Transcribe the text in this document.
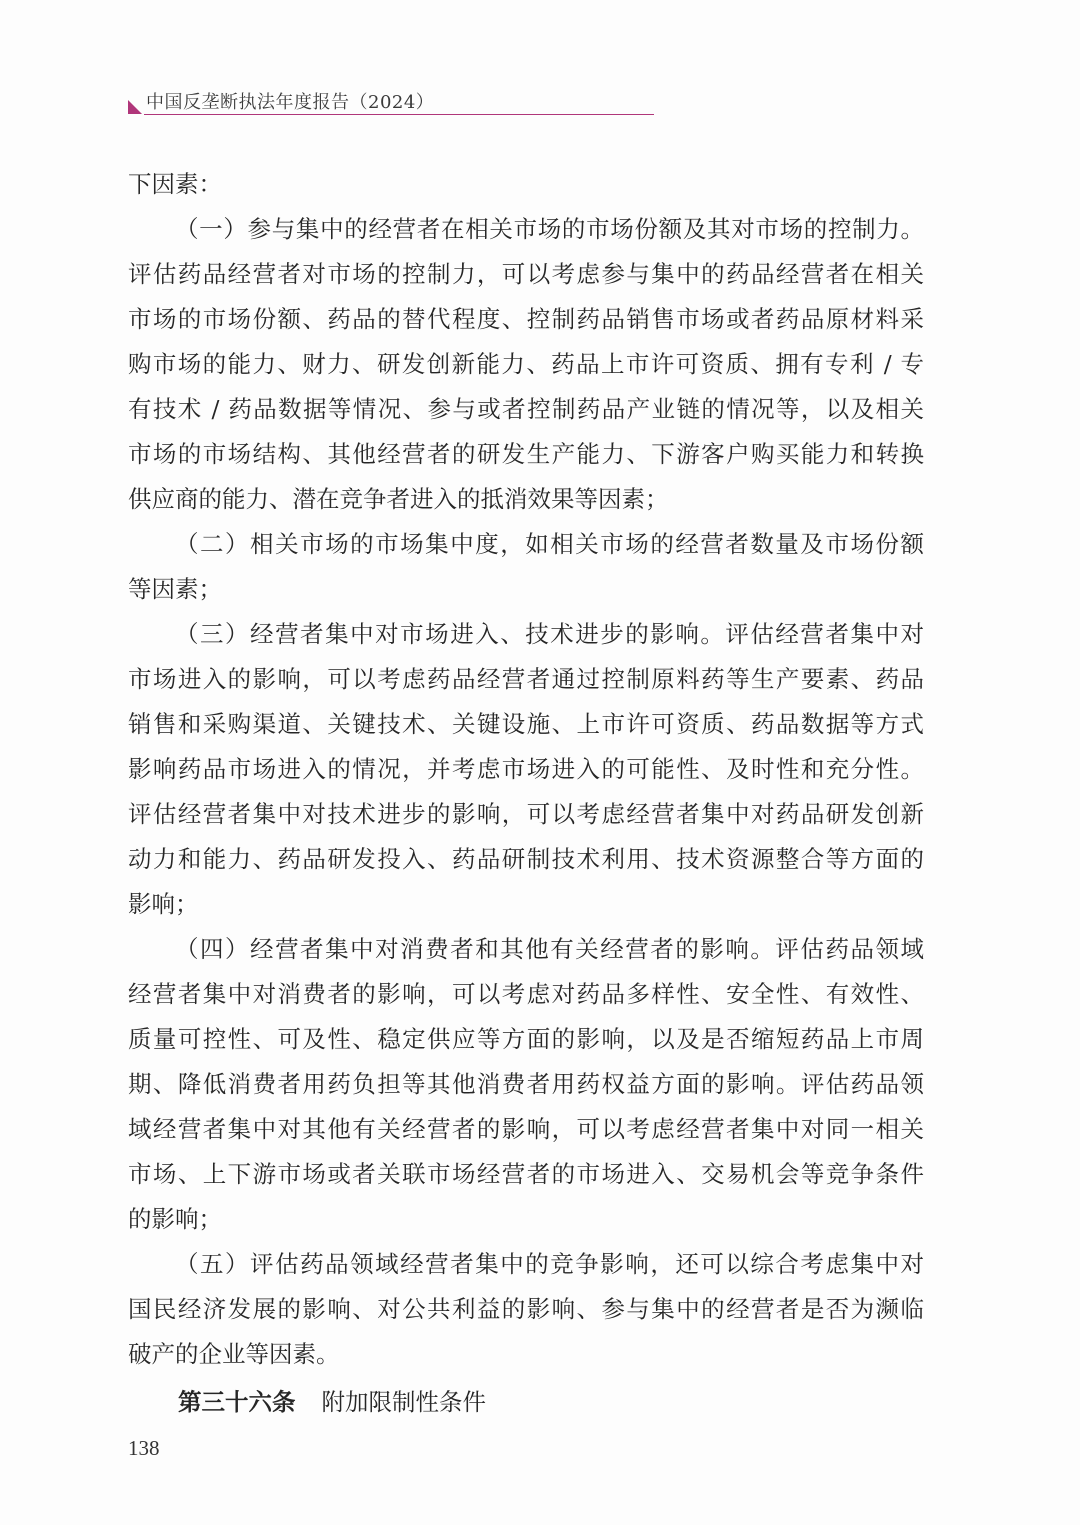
中国反垄断执法年度报告（2024）
下因素：
（一）参与集中的经营者在相关市场的市场份额及其对市场的控制力。
评估药品经营者对市场的控制力，可以考虑参与集中的药品经营者在相关
市场的市场份额、药品的替代程度、控制药品销售市场或者药品原材料采
购市场的能力、财力、研发创新能力、药品上市许可资质、拥有专利 / 专
有技术 / 药品数据等情况、参与或者控制药品产业链的情况等，以及相关
市场的市场结构、其他经营者的研发生产能力、下游客户购买能力和转换
供应商的能力、潜在竞争者进入的抵消效果等因素；
（二）相关市场的市场集中度，如相关市场的经营者数量及市场份额
等因素；
（三）经营者集中对市场进入、技术进步的影响。评估经营者集中对
市场进入的影响，可以考虑药品经营者通过控制原料药等生产要素、药品
销售和采购渠道、关键技术、关键设施、上市许可资质、药品数据等方式
影响药品市场进入的情况，并考虑市场进入的可能性、及时性和充分性。
评估经营者集中对技术进步的影响，可以考虑经营者集中对药品研发创新
动力和能力、药品研发投入、药品研制技术利用、技术资源整合等方面的
影响；
（四）经营者集中对消费者和其他有关经营者的影响。评估药品领域
经营者集中对消费者的影响，可以考虑对药品多样性、安全性、有效性、
质量可控性、可及性、稳定供应等方面的影响，以及是否缩短药品上市周
期、降低消费者用药负担等其他消费者用药权益方面的影响。评估药品领
域经营者集中对其他有关经营者的影响，可以考虑经营者集中对同一相关
市场、上下游市场或者关联市场经营者的市场进入、交易机会等竞争条件
的影响；
（五）评估药品领域经营者集中的竞争影响，还可以综合考虑集中对
国民经济发展的影响、对公共利益的影响、参与集中的经营者是否为濒临
破产的企业等因素。
第三十六条 附加限制性条件
138
